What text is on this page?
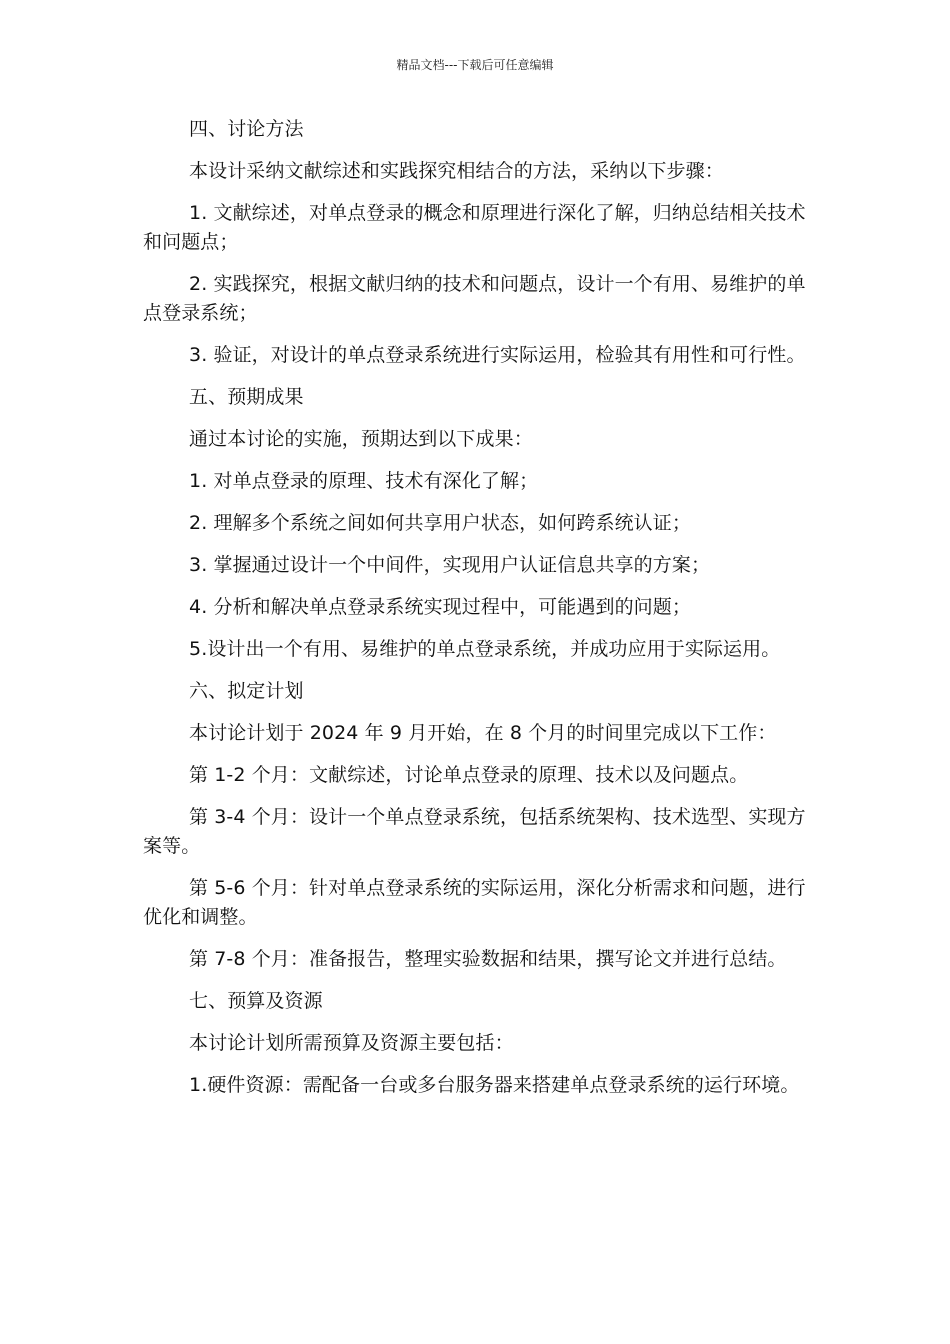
精品文档---下载后可任意编辑

四、讨论方法

本设计采纳文献综述和实践探究相结合的方法，采纳以下步骤：

1. 文献综述，对单点登录的概念和原理进行深化了解，归纳总结相关技术和问题点；

2. 实践探究，根据文献归纳的技术和问题点，设计一个有用、易维护的单点登录系统；

3. 验证，对设计的单点登录系统进行实际运用，检验其有用性和可行性。

五、预期成果

通过本讨论的实施，预期达到以下成果：

1. 对单点登录的原理、技术有深化了解；

2. 理解多个系统之间如何共享用户状态，如何跨系统认证；

3. 掌握通过设计一个中间件，实现用户认证信息共享的方案；

4. 分析和解决单点登录系统实现过程中，可能遇到的问题；

5.设计出一个有用、易维护的单点登录系统，并成功应用于实际运用。

六、拟定计划

本讨论计划于 2024 年 9 月开始，在 8 个月的时间里完成以下工作：

第 1-2 个月：文献综述，讨论单点登录的原理、技术以及问题点。

第 3-4 个月：设计一个单点登录系统，包括系统架构、技术选型、实现方案等。

第 5-6 个月：针对单点登录系统的实际运用，深化分析需求和问题，进行优化和调整。

第 7-8 个月：准备报告，整理实验数据和结果，撰写论文并进行总结。

七、预算及资源

本讨论计划所需预算及资源主要包括：

1.硬件资源：需配备一台或多台服务器来搭建单点登录系统的运行环境。
